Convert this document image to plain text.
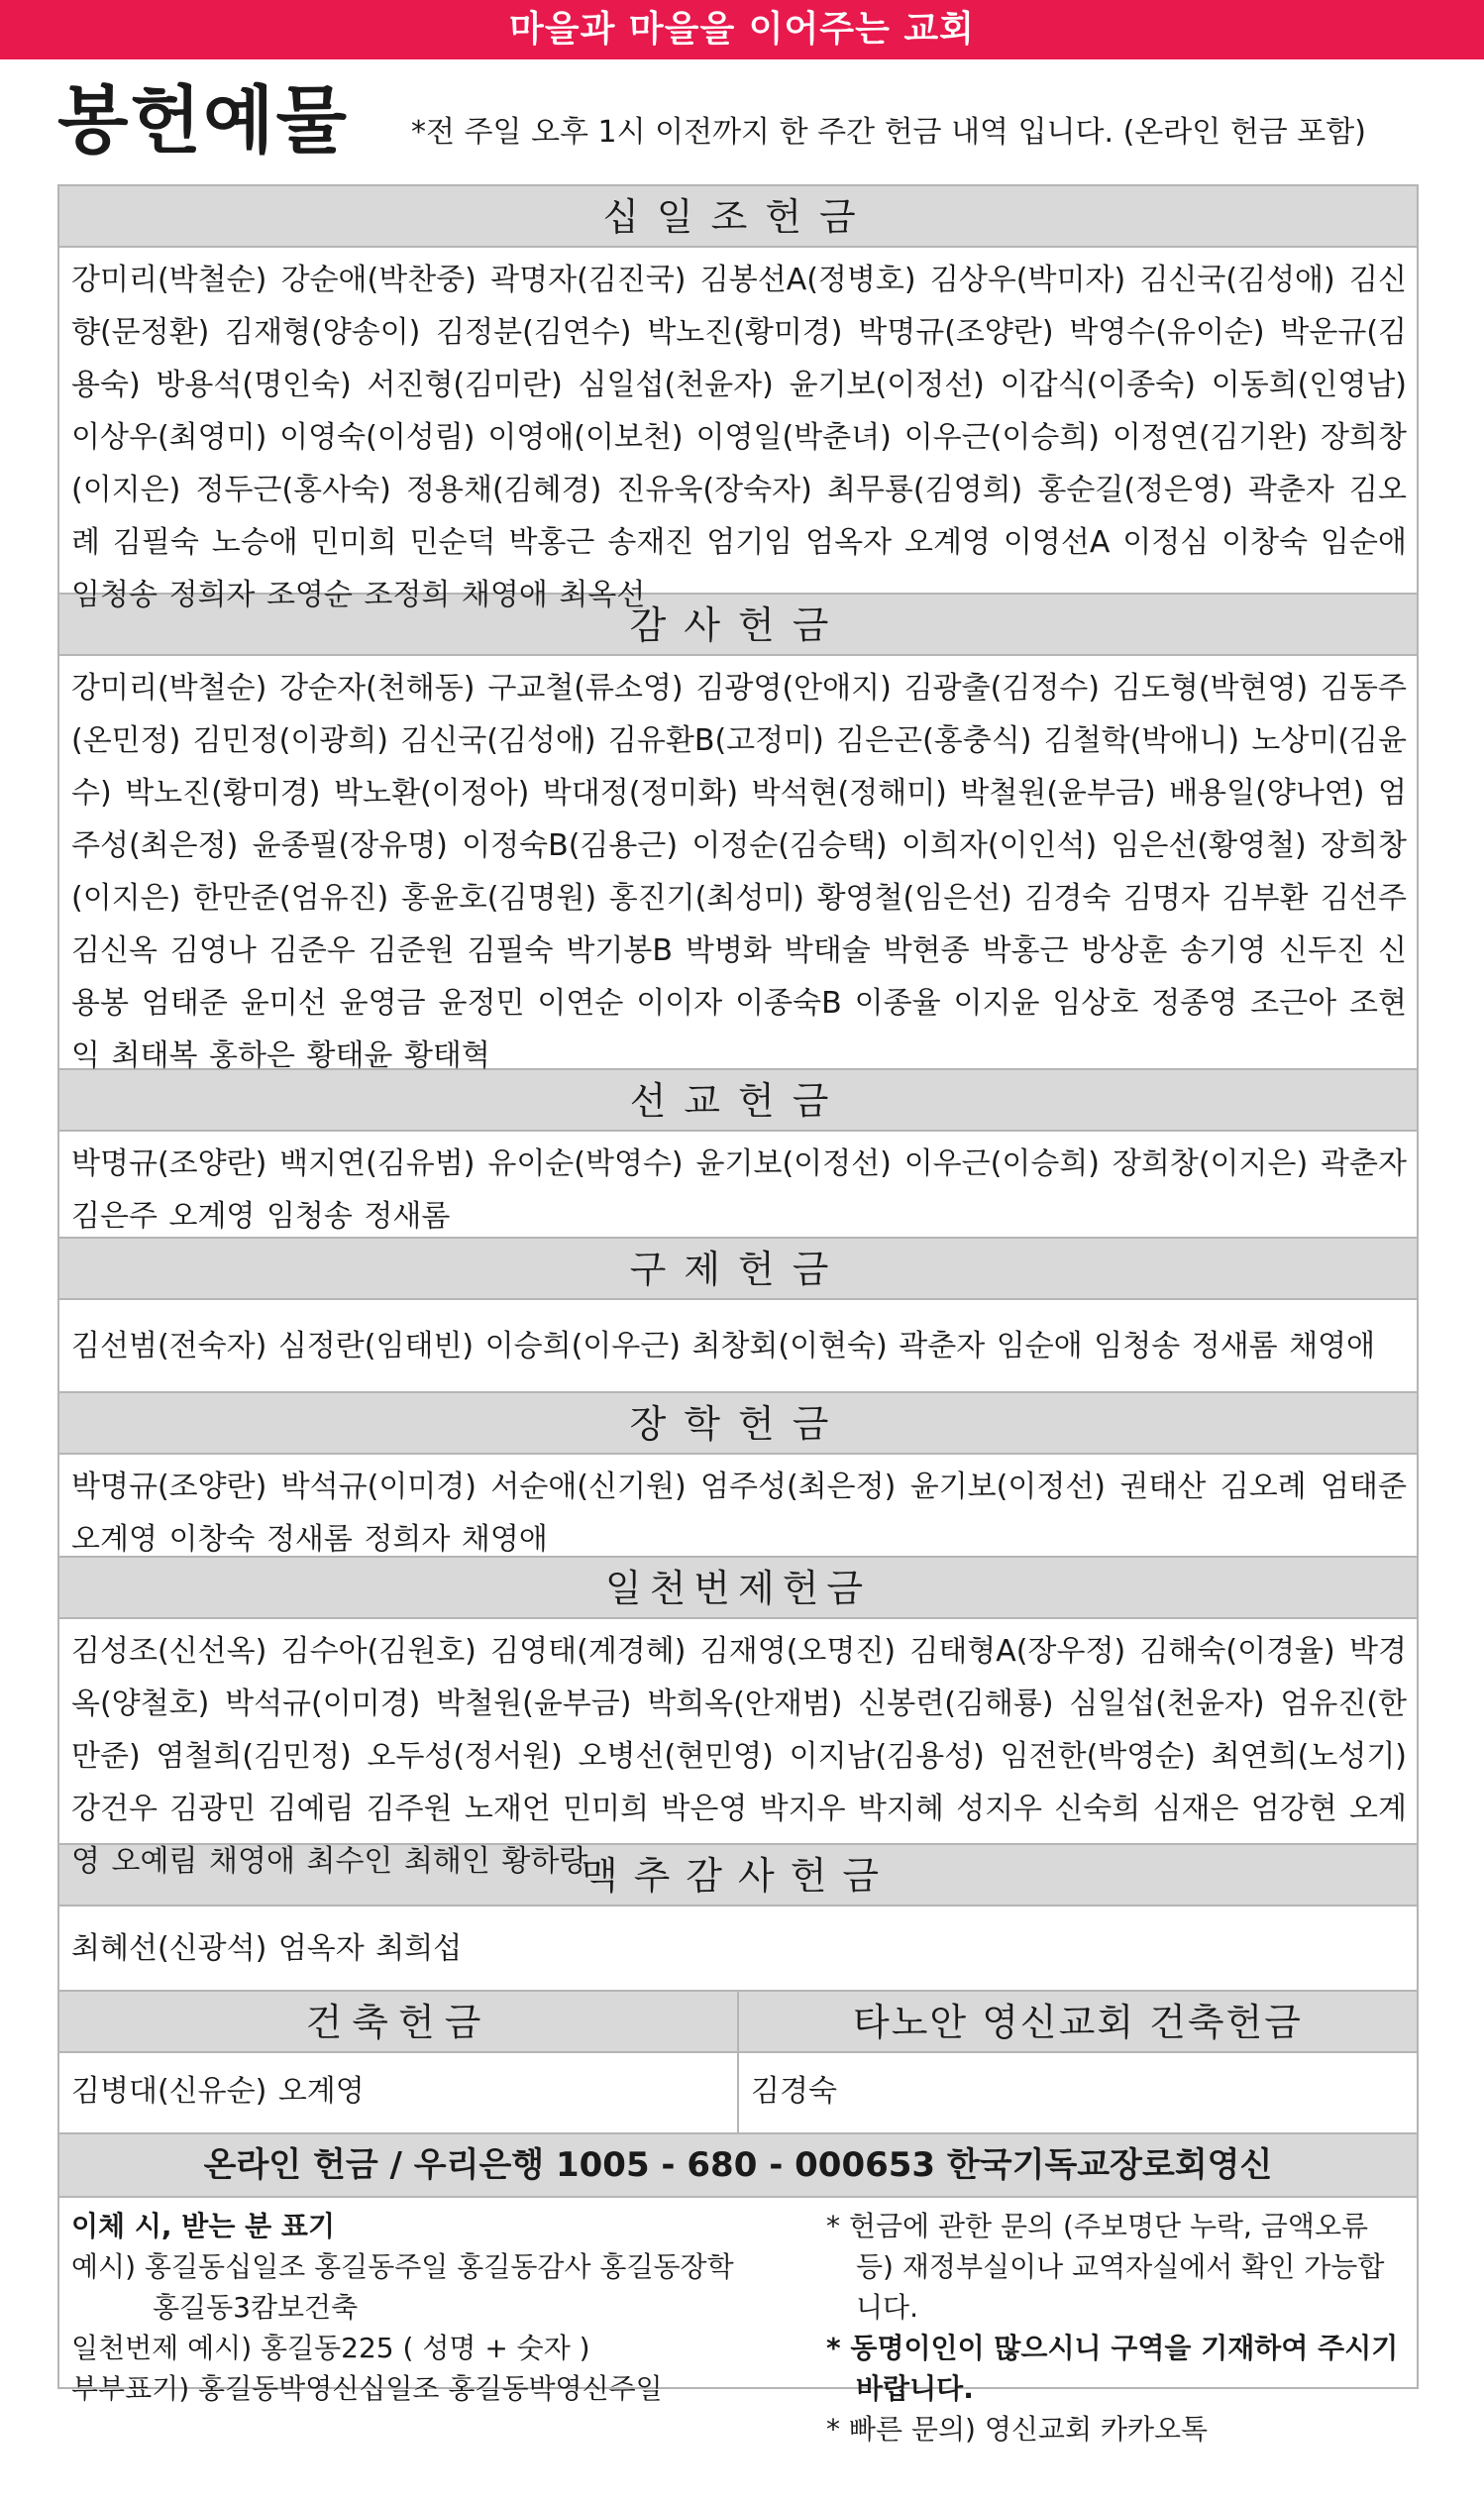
마을과 마을을 이어주는 교회
봉헌예물 *전 주일 오후 1시 이전까지 한 주간 헌금 내역 입니다. (온라인 헌금 포함)
십일조헌금
강미리(박철순) 강순애(박찬중) 곽명자(김진국) 김봉선A(정병호) 김상우(박미자) 김신국(김성애) 김신향(문정환) 김재형(양송이) 김정분(김연수) 박노진(황미경) 박명규(조양란) 박영수(유이순) 박운규(김용숙) 방용석(명인숙) 서진형(김미란) 심일섭(천윤자) 윤기보(이정선) 이갑식(이종숙) 이동희(인영남) 이상우(최영미) 이영숙(이성림) 이영애(이보천) 이영일(박춘녀) 이우근(이승희) 이정연(김기완) 장희창(이지은) 정두근(홍사숙) 정용채(김혜경) 진유욱(장숙자) 최무룡(김영희) 홍순길(정은영) 곽춘자 김오례 김필숙 노승애 민미희 민순덕 박홍근 송재진 엄기임 엄옥자 오계영 이영선A 이정심 이창숙 임순애 임청송 정희자 조영순 조정희 채영애 최옥선
감사헌금
강미리(박철순) 강순자(천해동) 구교철(류소영) 김광영(안애지) 김광출(김정수) 김도형(박현영) 김동주(온민정) 김민정(이광희) 김신국(김성애) 김유환B(고정미) 김은곤(홍충식) 김철학(박애니) 노상미(김윤수) 박노진(황미경) 박노환(이정아) 박대정(정미화) 박석현(정해미) 박철원(윤부금) 배용일(양나연) 엄주성(최은정) 윤종필(장유명) 이정숙B(김용근) 이정순(김승택) 이희자(이인석) 임은선(황영철) 장희창(이지은) 한만준(엄유진) 홍윤호(김명원) 홍진기(최성미) 황영철(임은선) 김경숙 김명자 김부환 김선주 김신옥 김영나 김준우 김준원 김필숙 박기봉B 박병화 박태술 박현종 박홍근 방상훈 송기영 신두진 신용봉 엄태준 윤미선 윤영금 윤정민 이연순 이이자 이종숙B 이종율 이지윤 임상호 정종영 조근아 조현익 최태복 홍하은 황태윤 황태혁
선교헌금
박명규(조양란) 백지연(김유범) 유이순(박영수) 윤기보(이정선) 이우근(이승희) 장희창(이지은) 곽춘자 김은주 오계영 임청송 정새롬
구제헌금
김선범(전숙자) 심정란(임태빈) 이승희(이우근) 최창회(이현숙) 곽춘자 임순애 임청송 정새롬 채영애
장학헌금
박명규(조양란) 박석규(이미경) 서순애(신기원) 엄주성(최은정) 윤기보(이정선) 권태산 김오례 엄태준 오계영 이창숙 정새롬 정희자 채영애
일천번제헌금
김성조(신선옥) 김수아(김원호) 김영태(계경혜) 김재영(오명진) 김태형A(장우정) 김해숙(이경율) 박경옥(양철호) 박석규(이미경) 박철원(윤부금) 박희옥(안재범) 신봉련(김해룡) 심일섭(천윤자) 엄유진(한만준) 염철희(김민정) 오두성(정서원) 오병선(현민영) 이지남(김용성) 임전한(박영순) 최연희(노성기) 강건우 김광민 김예림 김주원 노재언 민미희 박은영 박지우 박지혜 성지우 신숙희 심재은 엄강현 오계영 오예림 채영애 최수인 최해인 황하랑
맥추감사헌금
최혜선(신광석) 엄옥자 최희섭
건축헌금
김병대(신유순) 오계영
타노안 영신교회 건축헌금
김경숙
온라인 헌금 / 우리은행 1005 - 680 - 000653 한국기독교장로회영신
이체 시, 받는 분 표기
예시) 홍길동십일조 홍길동주일 홍길동감사 홍길동장학
홍길동3캄보건축
일천번제 예시) 홍길동225 ( 성명 + 숫자 )
부부표기) 홍길동박영신십일조 홍길동박영신주일
* 헌금에 관한 문의 (주보명단 누락, 금액오류 등) 재정부실이나 교역자실에서 확인 가능합니다.
* 동명이인이 많으시니 구역을 기재하여 주시기 바랍니다.
* 빠른 문의) 영신교회 카카오톡
